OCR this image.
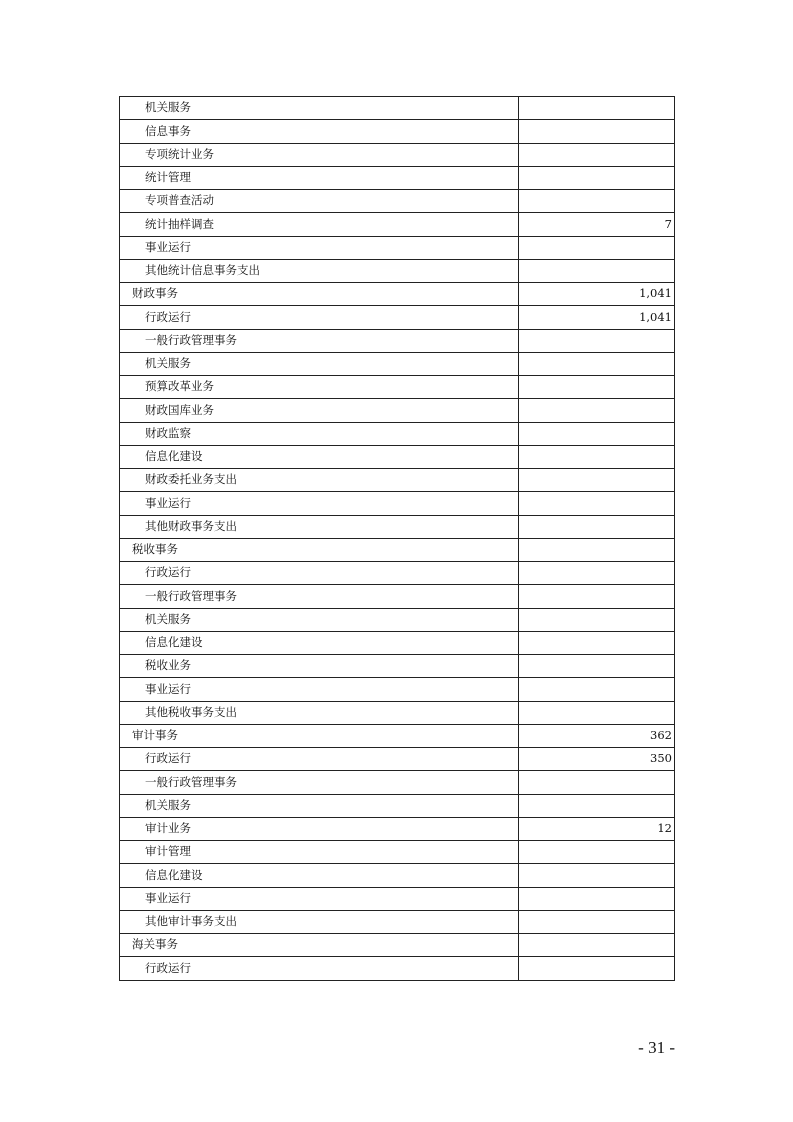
机关服务	
信息事务	
专项统计业务	
统计管理	
专项普查活动	
统计抽样调查	7
事业运行	
其他统计信息事务支出	
财政事务	1,041
行政运行	1,041
一般行政管理事务	
机关服务	
预算改革业务	
财政国库业务	
财政监察	
信息化建设	
财政委托业务支出	
事业运行	
其他财政事务支出	
税收事务	
行政运行	
一般行政管理事务	
机关服务	
信息化建设	
税收业务	
事业运行	
其他税收事务支出	
审计事务	362
行政运行	350
一般行政管理事务	
机关服务	
审计业务	12
审计管理	
信息化建设	
事业运行	
其他审计事务支出	
海关事务	
行政运行	
- 31 -
